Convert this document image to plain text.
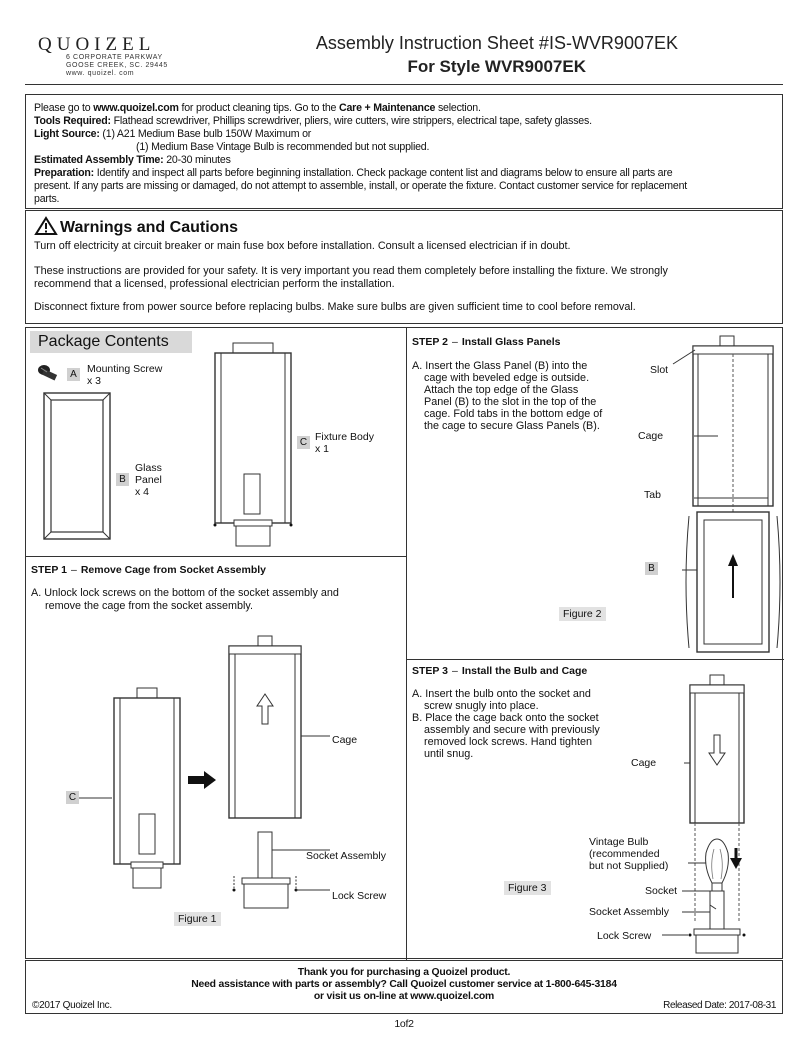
QUOIZEL
6 CORPORATE PARKWAY
GOOSE CREEK, SC. 29445
www. quoizel. com
Assembly Instruction Sheet #IS-WVR9007EK
For Style WVR9007EK
Please go to www.quoizel.com for product cleaning tips. Go to the Care + Maintenance selection.
Tools Required: Flathead screwdriver, Phillips screwdriver, pliers, wire cutters, wire strippers, electrical tape, safety glasses.
Light Source: (1) A21 Medium Base bulb 150W Maximum or
(1) Medium Base Vintage Bulb is recommended but not supplied.
Estimated Assembly Time: 20-30 minutes
Preparation: Identify and inspect all parts before beginning installation. Check package content list and diagrams below to ensure all parts are
present. If any parts are missing or damaged, do not attempt to assemble, install, or operate the fixture. Contact customer service for replacement
parts.
Warnings and Cautions
Turn off electricity at circuit breaker or main fuse box before installation. Consult a licensed electrician if in doubt.
These instructions are provided for your safety. It is very important you read them completely before installing the fixture. We strongly
recommend that a licensed, professional electrician perform the installation.
Disconnect fixture from power source before replacing bulbs. Make sure bulbs are given sufficient time to cool before removal.
Package Contents
A Mounting Screw
x 3
B
Glass
Panel
x 4
C Fixture Body
x 1
STEP 1 – Remove Cage from Socket Assembly
A. Unlock lock screws on the bottom of the socket assembly and
remove the cage from the socket assembly.
C
Cage
Socket Assembly
Lock Screw
Figure 1
STEP 2 – Install Glass Panels
A. Insert the Glass Panel (B) into the
cage with beveled edge is outside.
Attach the top edge of the Glass
Panel (B) to the slot in the top of the
cage. Fold tabs in the bottom edge of
the cage to secure Glass Panels (B).
Slot
Cage
Tab
B
Figure 2
STEP 3 – Install the Bulb and Cage
A. Insert the bulb onto the socket and
screw snugly into place.
B. Place the cage back onto the socket
assembly and secure with previously
removed lock screws. Hand tighten
until snug.
Cage
Vintage Bulb
(recommended
but not Supplied)
Socket
Socket Assembly
Lock Screw
Figure 3
Thank you for purchasing a Quoizel product.
Need assistance with parts or assembly? Call Quoizel customer service at 1-800-645-3184
or visit us on-line at www.quoizel.com
©2017 Quoizel Inc.	Released Date: 2017-08-31
1of2
